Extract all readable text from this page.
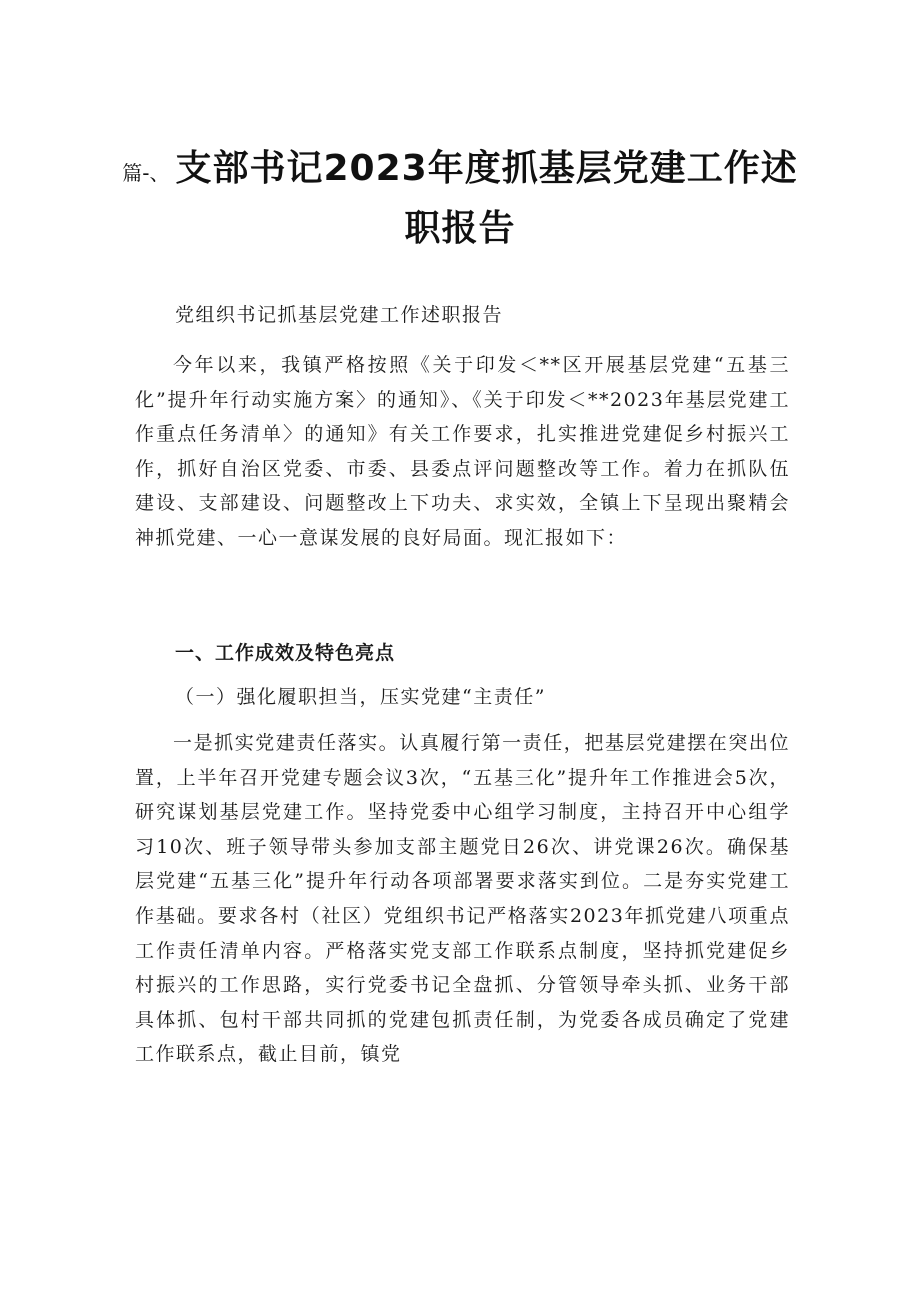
篇-、 支部书记2023年度抓基层党建工作述
职报告
党组织书记抓基层党建工作述职报告

今年以来，我镇严格按照《关于印发＜**区开展基层党建“五基三化”提升年行动实施方案〉的通知》、《关于印发＜**2023年基层党建工作重点任务清单〉的通知》有关工作要求，扎实推进党建促乡村振兴工作，抓好自治区党委、市委、县委点评问题整改等工作。着力在抓队伍建设、支部建设、问题整改上下功夫、求实效，全镇上下呈现出聚精会神抓党建、一心一意谋发展的良好局面。现汇报如下：

一、工作成效及特色亮点
（一）强化履职担当，压实党建“主责任”

一是抓实党建责任落实。认真履行第一责任，把基层党建摆在突出位置，上半年召开党建专题会议3次，“五基三化”提升年工作推进会5次，研究谋划基层党建工作。坚持党委中心组学习制度，主持召开中心组学习10次、班子领导带头参加支部主题党日26次、讲党课26次。确保基层党建“五基三化”提升年行动各项部署要求落实到位。二是夯实党建工作基础。要求各村（社区）党组织书记严格落实2023年抓党建八项重点工作责任清单内容。严格落实党支部工作联系点制度，坚持抓党建促乡村振兴的工作思路，实行党委书记全盘抓、分管领导牵头抓、业务干部具体抓、包村干部共同抓的党建包抓责任制，为党委各成员确定了党建工作联系点，截止目前，镇党
